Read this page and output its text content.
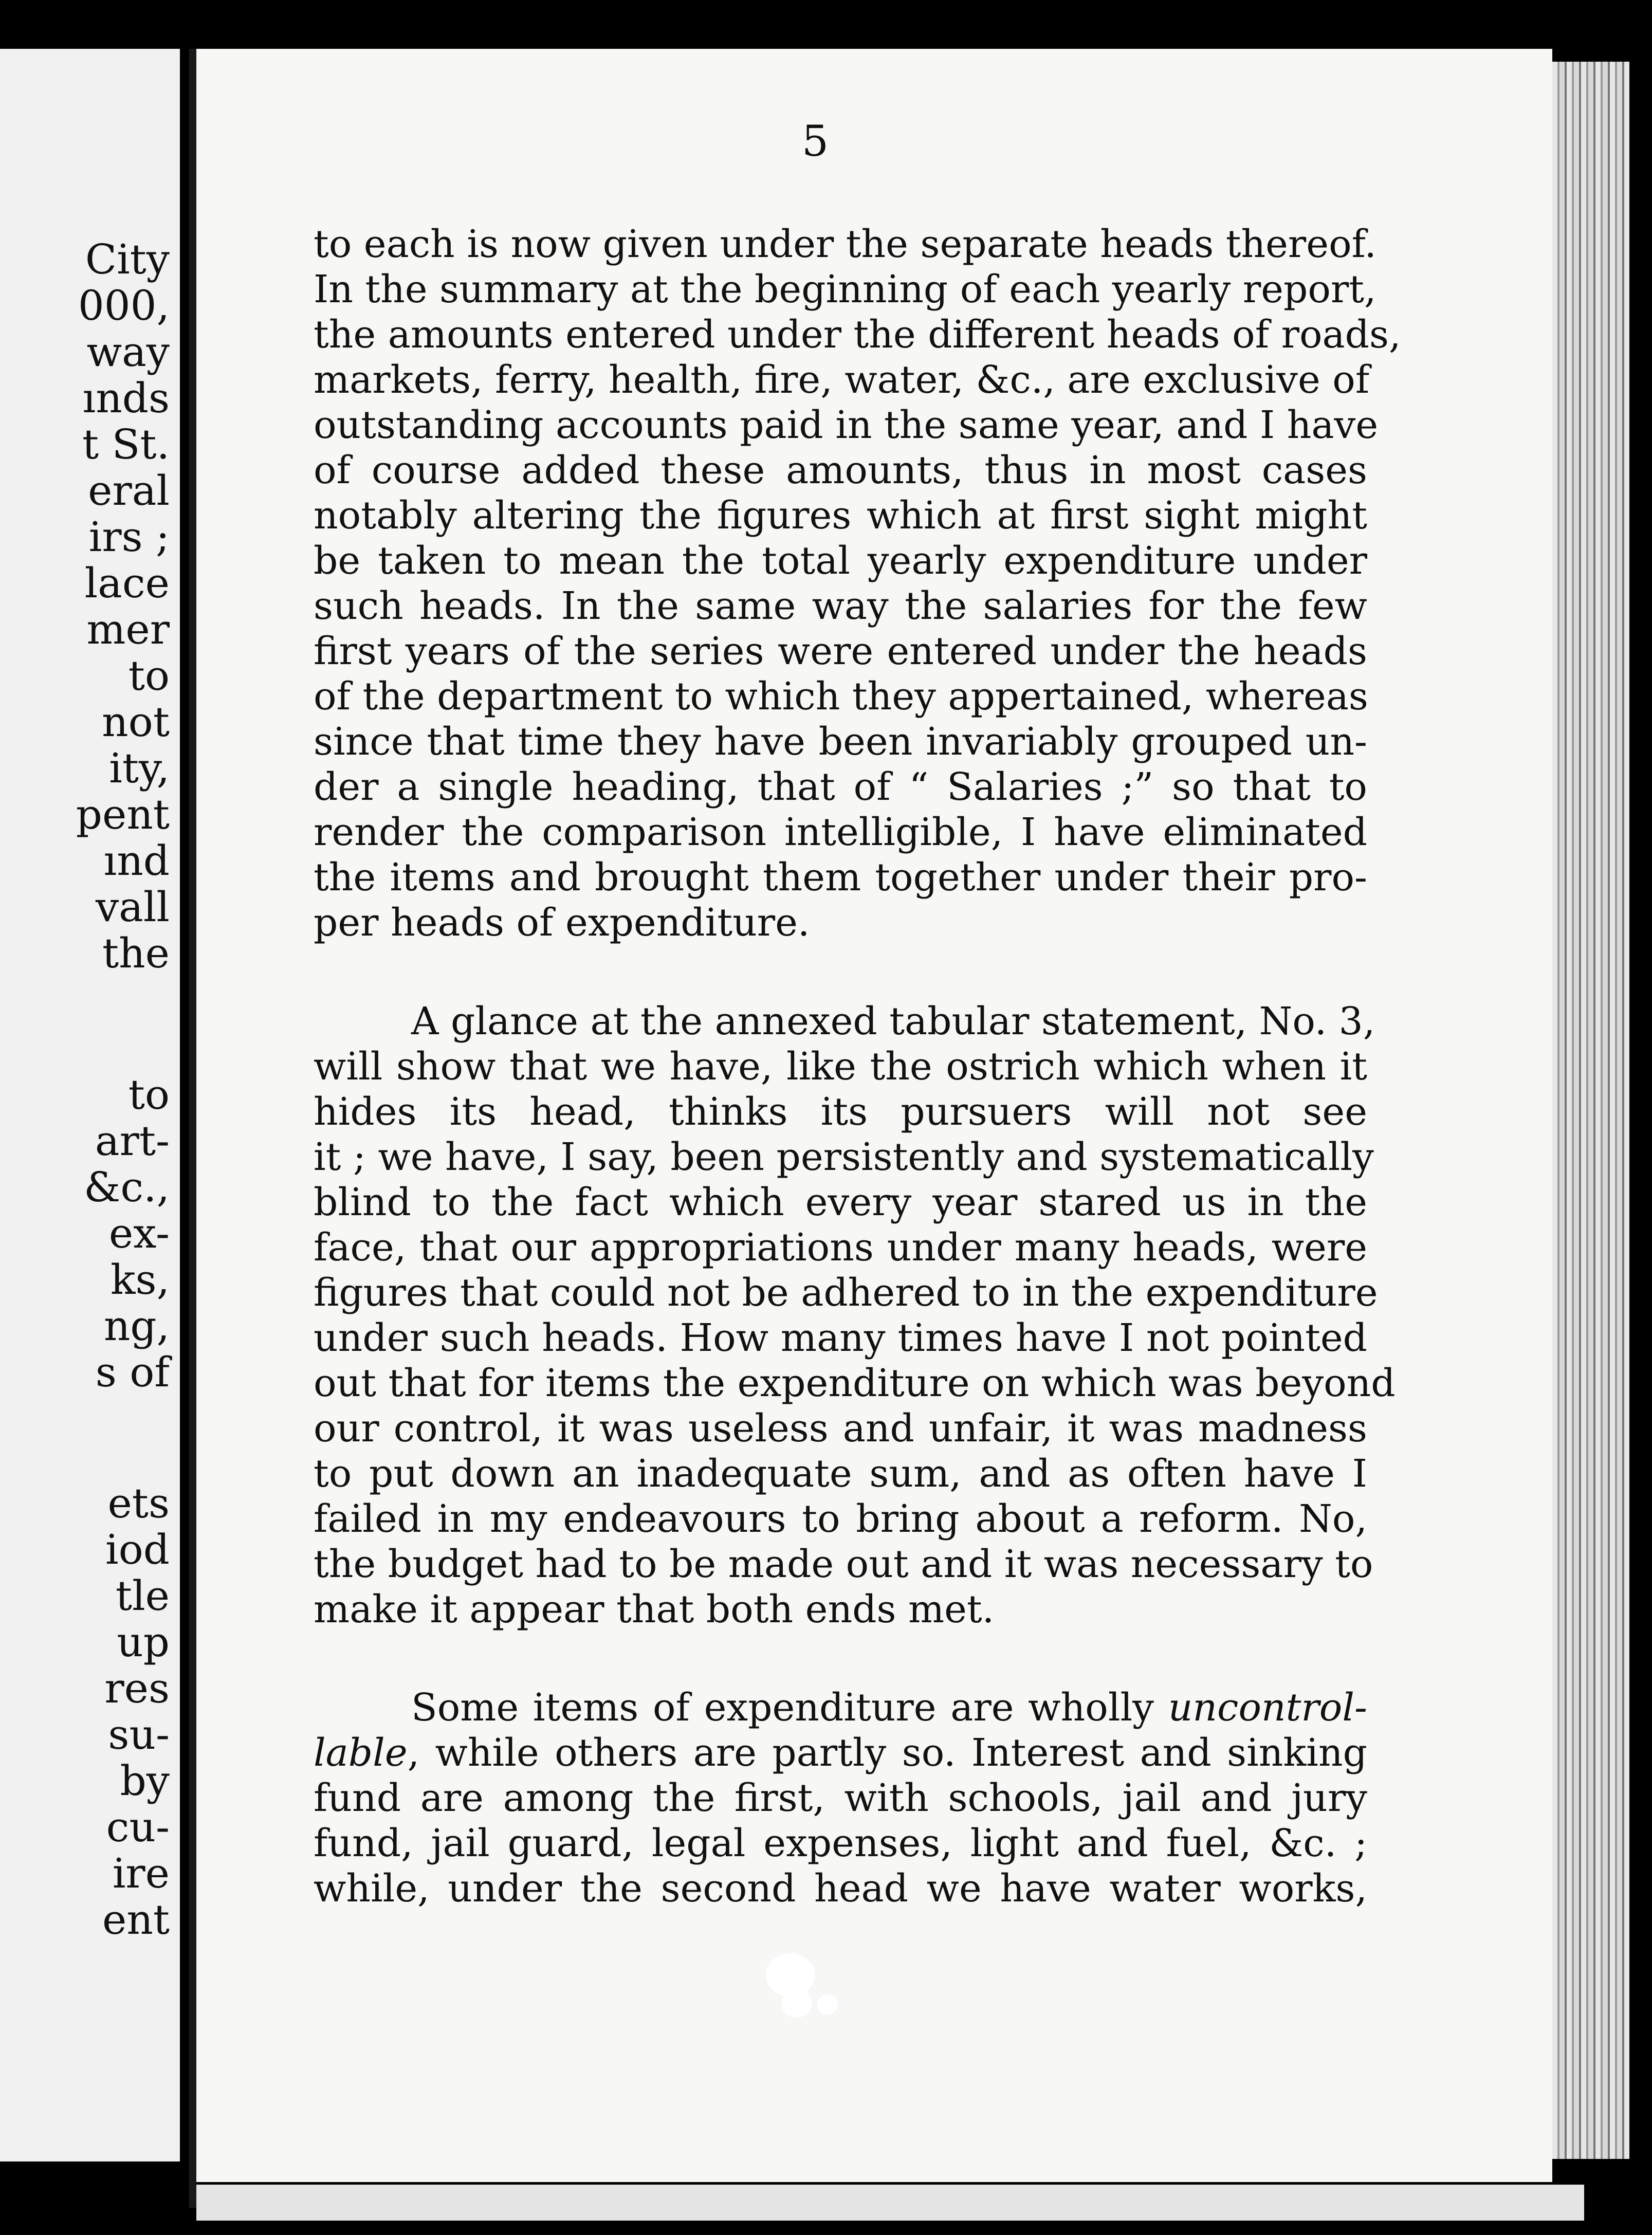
City
000,
way
ınds
t St.
eral
irs ;
lace
mer
to
not
ity,
pent
ınd
vall
the
to
art-
&c.,
ex-
ks,
ng,
s of
ets
iod
tle
up
res
su-
by
cu-
ire
ent
5
to each is now given under the separate heads thereof.
In the summary at the beginning of each yearly report,
the amounts entered under the different heads of roads,
markets, ferry, health, fire, water, &c., are exclusive of
outstanding accounts paid in the same year, and I have
of course added these amounts, thus in most cases
notably altering the figures which at first sight might
be taken to mean the total yearly expenditure under
such heads. In the same way the salaries for the few
first years of the series were entered under the heads
of the department to which they appertained, whereas
since that time they have been invariably grouped un-
der a single heading, that of “ Salaries ;” so that to
render the comparison intelligible, I have eliminated
the items and brought them together under their pro-
per heads of expenditure.
A glance at the annexed tabular statement, No. 3,
will show that we have, like the ostrich which when it
hides its head, thinks its pursuers will not see
it ; we have, I say, been persistently and systematically
blind to the fact which every year stared us in the
face, that our appropriations under many heads, were
figures that could not be adhered to in the expenditure
under such heads. How many times have I not pointed
out that for items the expenditure on which was beyond
our control, it was useless and unfair, it was madness
to put down an inadequate sum, and as often have I
failed in my endeavours to bring about a reform. No,
the budget had to be made out and it was necessary to
make it appear that both ends met.
Some items of expenditure are wholly uncontrol-
lable, while others are partly so. Interest and sinking
fund are among the first, with schools, jail and jury
fund, jail guard, legal expenses, light and fuel, &c. ;
while, under the second head we have water works,
